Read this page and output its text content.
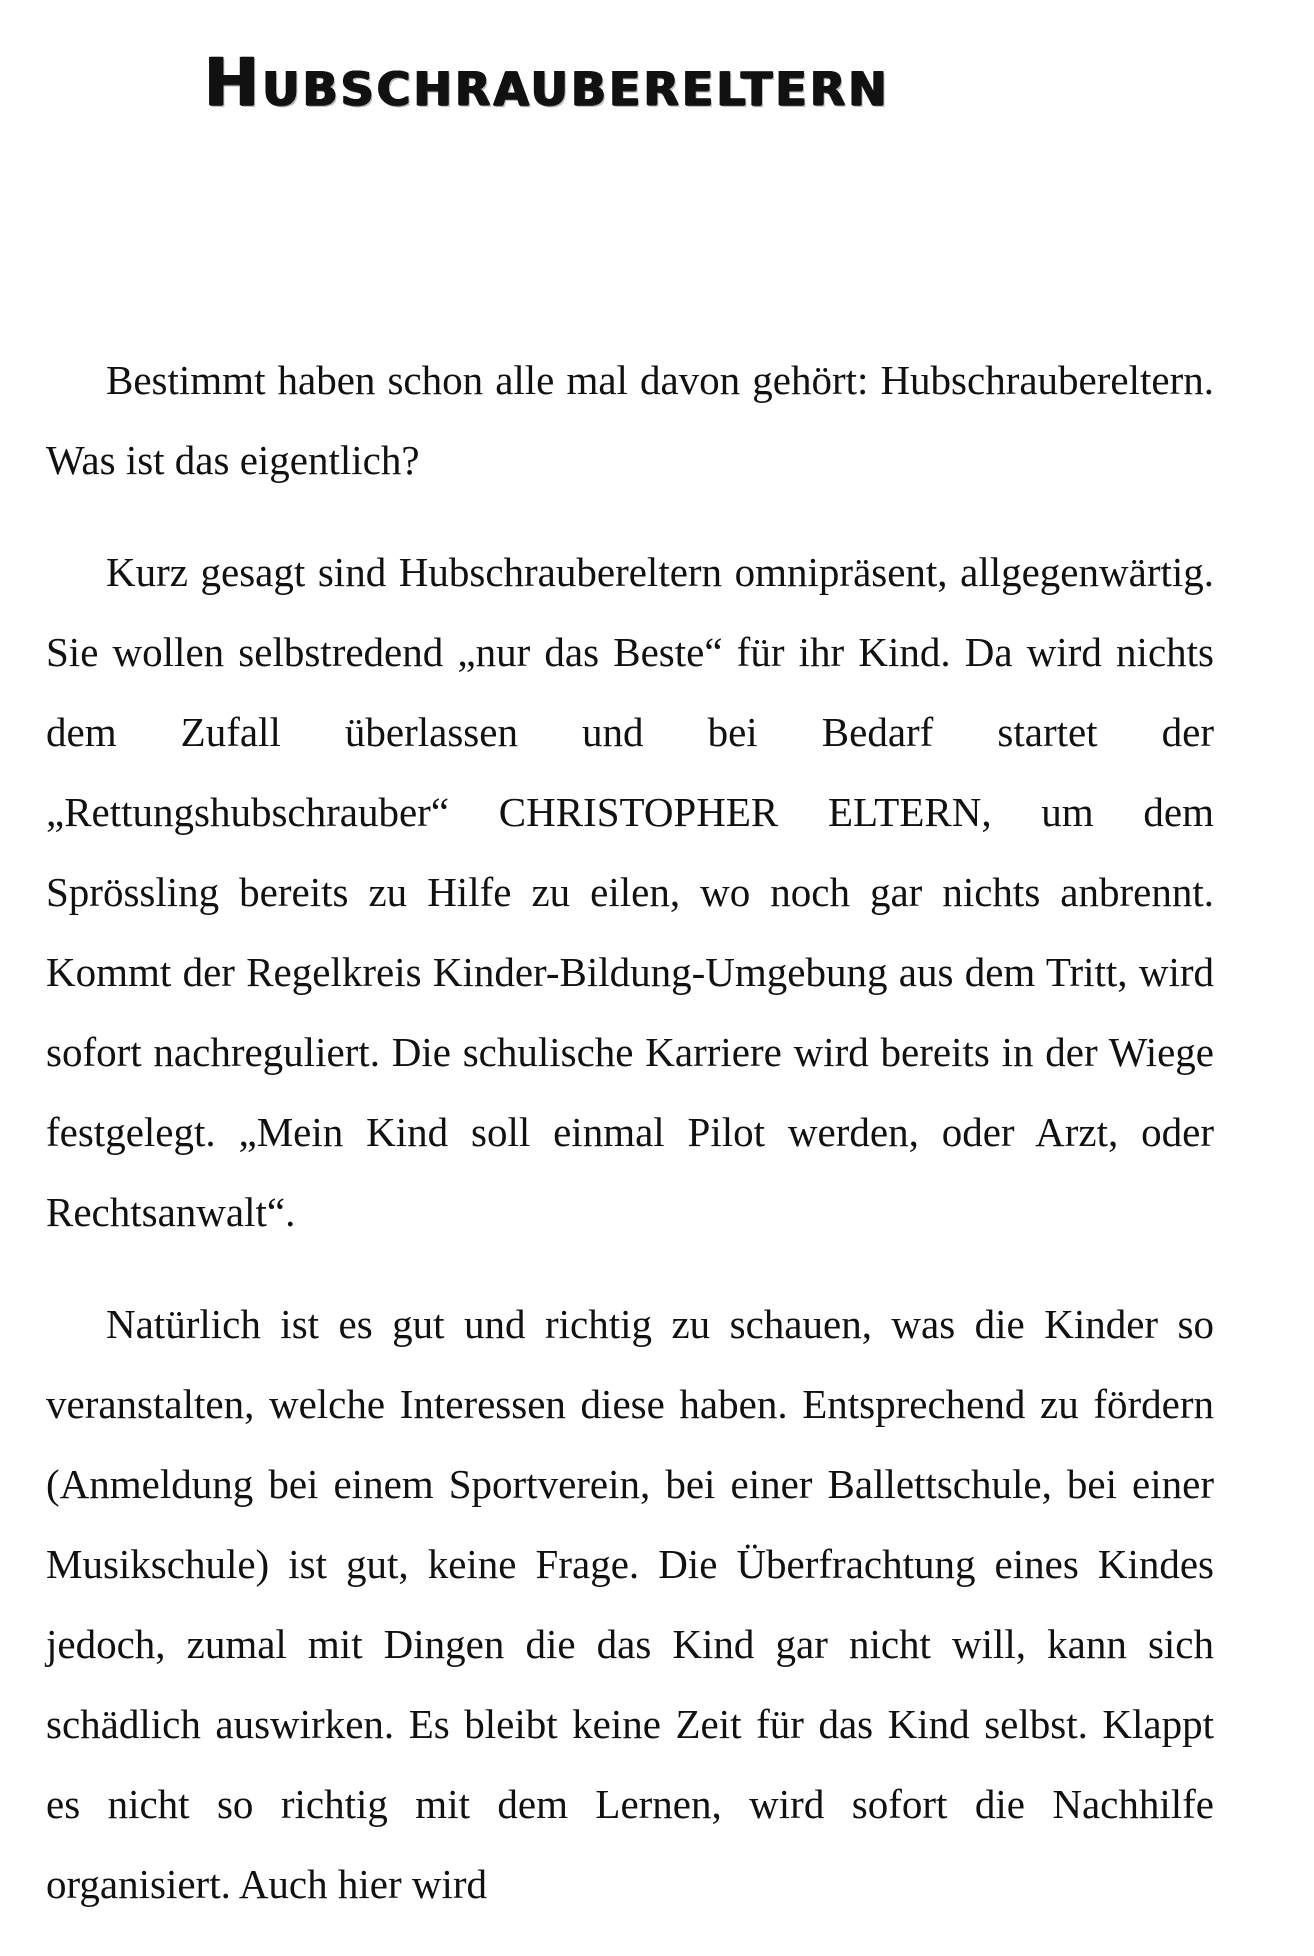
Hubschraubereltern

Bestimmt haben schon alle mal davon gehört: Hubschraubereltern. Was ist das eigentlich?

Kurz gesagt sind Hubschraubereltern omnipräsent, allgegenwärtig. Sie wollen selbstredend „nur das Beste“ für ihr Kind. Da wird nichts dem Zufall überlassen und bei Bedarf startet der „Rettungshubschrauber“ CHRISTOPHER ELTERN, um dem Sprössling bereits zu Hilfe zu eilen, wo noch gar nichts anbrennt. Kommt der Regelkreis Kinder-Bildung-Umgebung aus dem Tritt, wird sofort nachreguliert. Die schulische Karriere wird bereits in der Wiege festgelegt. „Mein Kind soll einmal Pilot werden, oder Arzt, oder Rechtsanwalt“.

Natürlich ist es gut und richtig zu schauen, was die Kinder so veranstalten, welche Interessen diese haben. Entsprechend zu fördern (Anmeldung bei einem Sportverein, bei einer Ballettschule, bei einer Musikschule) ist gut, keine Frage. Die Überfrachtung eines Kindes jedoch, zumal mit Dingen die das Kind gar nicht will, kann sich schädlich auswirken. Es bleibt keine Zeit für das Kind selbst. Klappt es nicht so richtig mit dem Lernen, wird sofort die Nachhilfe organisiert. Auch hier wird
